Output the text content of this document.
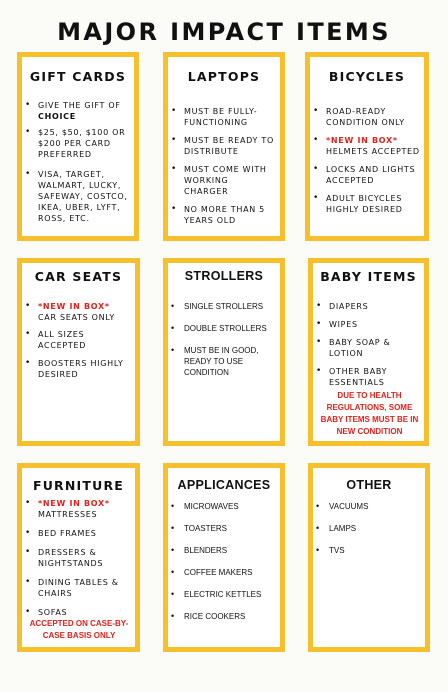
MAJOR IMPACT ITEMS
GIFT CARDS
• GIVE THE GIFT OF
CHOICE
• $25, $50, $100 OR $200 PER CARD PREFERRED
• VISA, TARGET, WALMART, LUCKY, SAFEWAY, COSTCO, IKEA, UBER, LYFT, ROSS, ETC.
LAPTOPS
• MUST BE FULLY-FUNCTIONING
• MUST BE READY TO DISTRIBUTE
• MUST COME WITH WORKING CHARGER
• NO MORE THAN 5 YEARS OLD
BICYCLES
• ROAD-READY CONDITION ONLY
• *NEW IN BOX*
HELMETS ACCEPTED
• LOCKS AND LIGHTS ACCEPTED
• ADULT BICYCLES HIGHLY DESIRED
CAR SEATS
• *NEW IN BOX*
CAR SEATS ONLY
• ALL SIZES ACCEPTED
• BOOSTERS HIGHLY DESIRED
STROLLERS
• SINGLE STROLLERS
• DOUBLE STROLLERS
• MUST BE IN GOOD, READY TO USE CONDITION
BABY ITEMS
• DIAPERS
• WIPES
• BABY SOAP & LOTION
• OTHER BABY ESSENTIALS
DUE TO HEALTH REGULATIONS, SOME BABY ITEMS MUST BE IN NEW CONDITION
FURNITURE
• *NEW IN BOX*
MATTRESSES
• BED FRAMES
• DRESSERS & NIGHTSTANDS
• DINING TABLES & CHAIRS
• SOFAS
ACCEPTED ON CASE-BY-CASE BASIS ONLY
APPLICANCES
• MICROWAVES
• TOASTERS
• BLENDERS
• COFFEE MAKERS
• ELECTRIC KETTLES
• RICE COOKERS
OTHER
• VACUUMS
• LAMPS
• TVS
